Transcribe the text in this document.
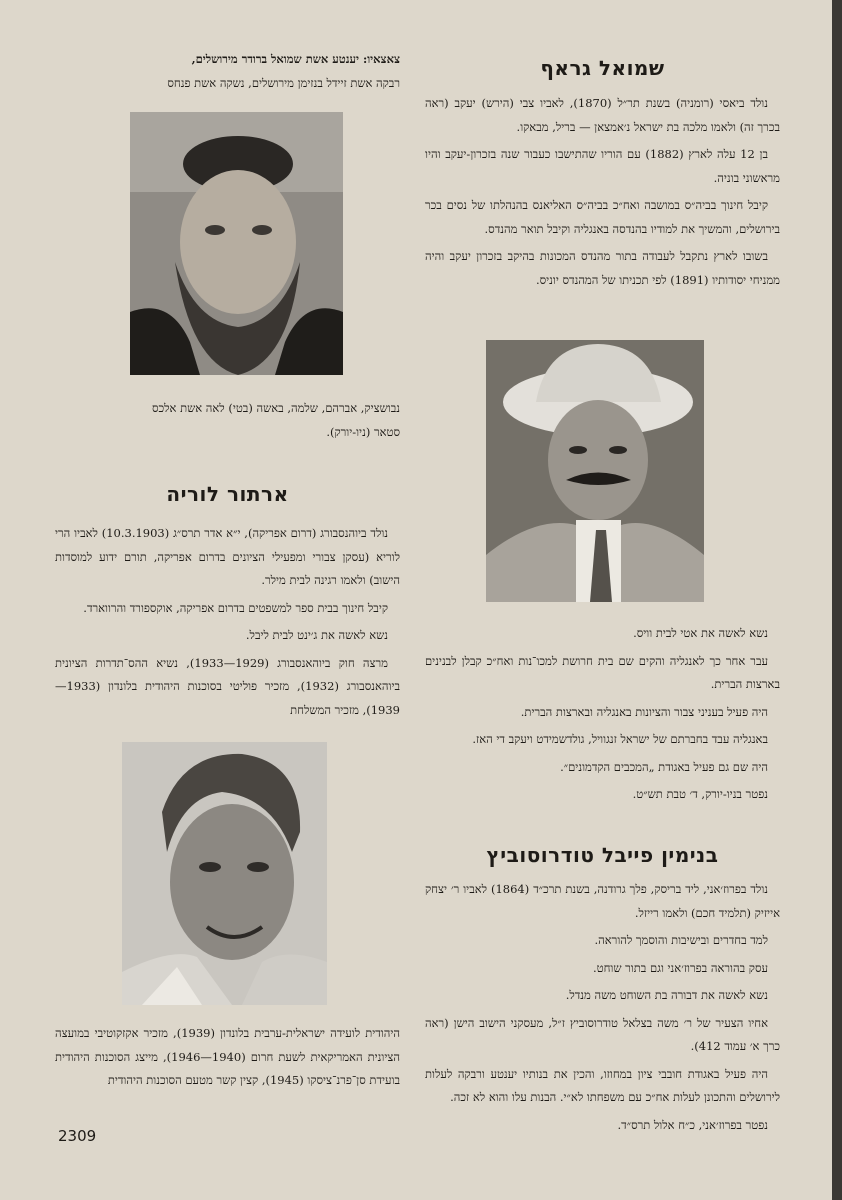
צאצאיו: יענטע אשת שמואל ברודר מירושלים,
רבקה אשת זיידל בנזימן מירושלים, נשקה אשת פנחס
נבושציק, אברהם, שלמה, באשה (בטי) לאה אשת אלכס
סטאר (ניו-יורק).
ארתור לוריה

נולד ביוהנסבורג (דרום אפריקה), י״א אדר תרס״ג (10.3.1903) לאביו הרי לוריא (עסקן צבורי ומפעילי הציונים בדרום אפריקה, תורם ידוע למוסדות הישוב) ולאמו רגינה לבית מילר.

קיבל חינוך בבית ספר למשפטים בדרום אפריקה, אוקספורד והרווארד.

נשא לאשה את ג׳ינט לבית ליבל.

מרצה חוק ביוהאנסבורג (1929—1933), נשיא ההס־תדרות הציונית ביוהאנסבורג (1932), מזכיר פוליטי בסוכנות היהודית בלונדון (1933—1939), מזכיר המשלחת

היהודית לועידה ישראלית-ערבית בלונדון (1939), מזכיר אקזקוטיבי במועצה הציונית האמריקאית לשעת חרום (1940—1946), מייצג הסוכנות היהודית בועידת סן־פרנ־ציסקו (1945), קצין קשר מטעם הסוכנות היהודית

2309
שמואל גראף

נולד ביאסי (רומניה) בשנת תר״ל (1870), לאביו צבי (הירש) יעקב (ראה בכרך זה) ולאמו מלכה בת ישראל נ׳אמצאן — בריל, מבאקו.

בן 12 עלה לארץ (1882) עם הוריו שהתישבו כעבור שנה בזכרון-יעקב והיו מראשוני בוניה.

קיבל חינוך בביה״ס במושבה ואח״כ בביה״ס האליאנס בהנהלתו של נסים בכר בירושלים, והמשיך את למודיו בהנדסה באנגליה וקיבל תואר מהנדס.

בשובו לארץ נתקבל לעבודה בתור מהנדס המכונות בהיקב בזכרון יעקב והיה ממניחי יסודותיו (1891) לפי תכניתו של המהנדס יוניס.

נשא לאשה את אטי לבית וויס.

עבר אחר כך לאנגליה והקים שם בית חרושת למכו־נות ואח״כ קבלן לבנינים בארצות הברית.

היה פעיל בעניני צבור והציונות באנגליה ובארצות הברית.

באנגליה עבד בחברתם של ישראל זנגוויל, גולדשמידט ויעקב די האז.

היה שם גם פעיל באגודת „המכבים הקדמונים״.

נפטר בניו-יורק, ד׳ טבת תש״ט.

בנימין פייבל טודרוסוביץ

נולד בפרוז׳אני, ליד בריסק, פלך גרודנה, בשנת תרכ״ד (1864) לאביו ר׳ יצחק אייזיק (תלמיד חכם) ולאמו רייזל.

למד בחדרים ובישיבות והוסמך להוראה.

עסק בהוראה בפרוז׳אני וגם בתור שוחט.

נשא לאשה את דבורה בת השוחט משה מנדל.

אחיו הצעיר של ר׳ משה בצלאל טודרוסוביץ ז״ל, מעסקני הישוב הישן (ראה כרך א׳ עמוד 412).

היה פעיל באגודת חובבי ציון במחוזו, והכין את בנותיו יענטע ורבקה לעלות לירושלים והתכונן לעלות אח״כ עם משפחתו לא״י. הבנות עלו והוא לא זכה.

נפטר בפרוז׳אני, כ״ח אלול תרס״ד.
